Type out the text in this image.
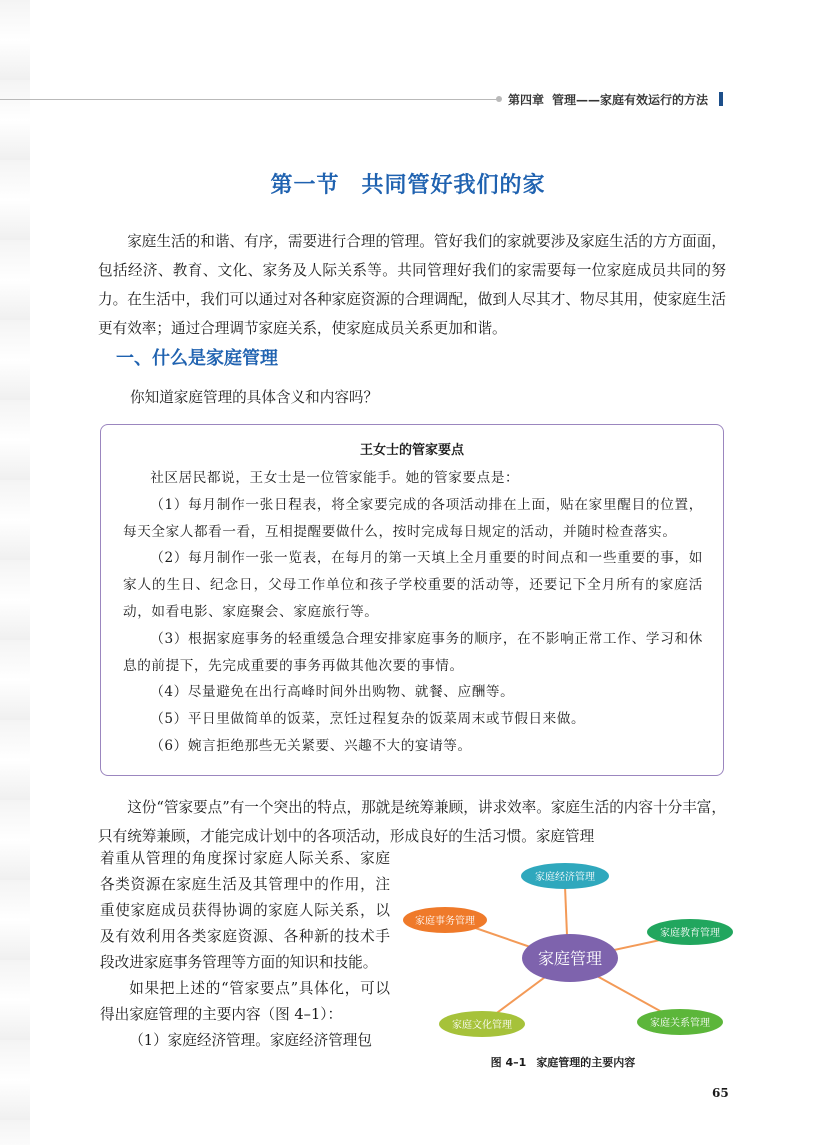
第四章 管理——家庭有效运行的方法
第一节 共同管好我们的家
家庭生活的和谐、有序，需要进行合理的管理。管好我们的家就要涉及家庭生活的方方面面，包括经济、教育、文化、家务及人际关系等。共同管理好我们的家需要每一位家庭成员共同的努力。在生活中，我们可以通过对各种家庭资源的合理调配，做到人尽其才、物尽其用，使家庭生活更有效率；通过合理调节家庭关系，使家庭成员关系更加和谐。
一、什么是家庭管理
你知道家庭管理的具体含义和内容吗？
王女士的管家要点

社区居民都说，王女士是一位管家能手。她的管家要点是：

（1）每月制作一张日程表，将全家要完成的各项活动排在上面，贴在家里醒目的位置，每天全家人都看一看，互相提醒要做什么，按时完成每日规定的活动，并随时检查落实。

（2）每月制作一张一览表，在每月的第一天填上全月重要的时间点和一些重要的事，如家人的生日、纪念日，父母工作单位和孩子学校重要的活动等，还要记下全月所有的家庭活动，如看电影、家庭聚会、家庭旅行等。

（3）根据家庭事务的轻重缓急合理安排家庭事务的顺序，在不影响正常工作、学习和休息的前提下，先完成重要的事务再做其他次要的事情。

（4）尽量避免在出行高峰时间外出购物、就餐、应酬等。

（5）平日里做简单的饭菜，烹饪过程复杂的饭菜周末或节假日来做。

（6）婉言拒绝那些无关紧要、兴趣不大的宴请等。

这份“管家要点”有一个突出的特点，那就是统筹兼顾，讲求效率。家庭生活的内容十分丰富，只有统筹兼顾，才能完成计划中的各项活动，形成良好的生活习惯。家庭管理

着重从管理的角度探讨家庭人际关系、家庭各类资源在家庭生活及其管理中的作用，注重使家庭成员获得协调的家庭人际关系，以及有效利用各类家庭资源、各种新的技术手段改进家庭事务管理等方面的知识和技能。

如果把上述的“管家要点”具体化，可以得出家庭管理的主要内容（图 4–1）：

（1）家庭经济管理。家庭经济管理包

家庭经济管理
家庭事务管理
家庭教育管理
家庭文化管理	家庭关系管理
家庭管理
图 4–1 家庭管理的主要内容
65
